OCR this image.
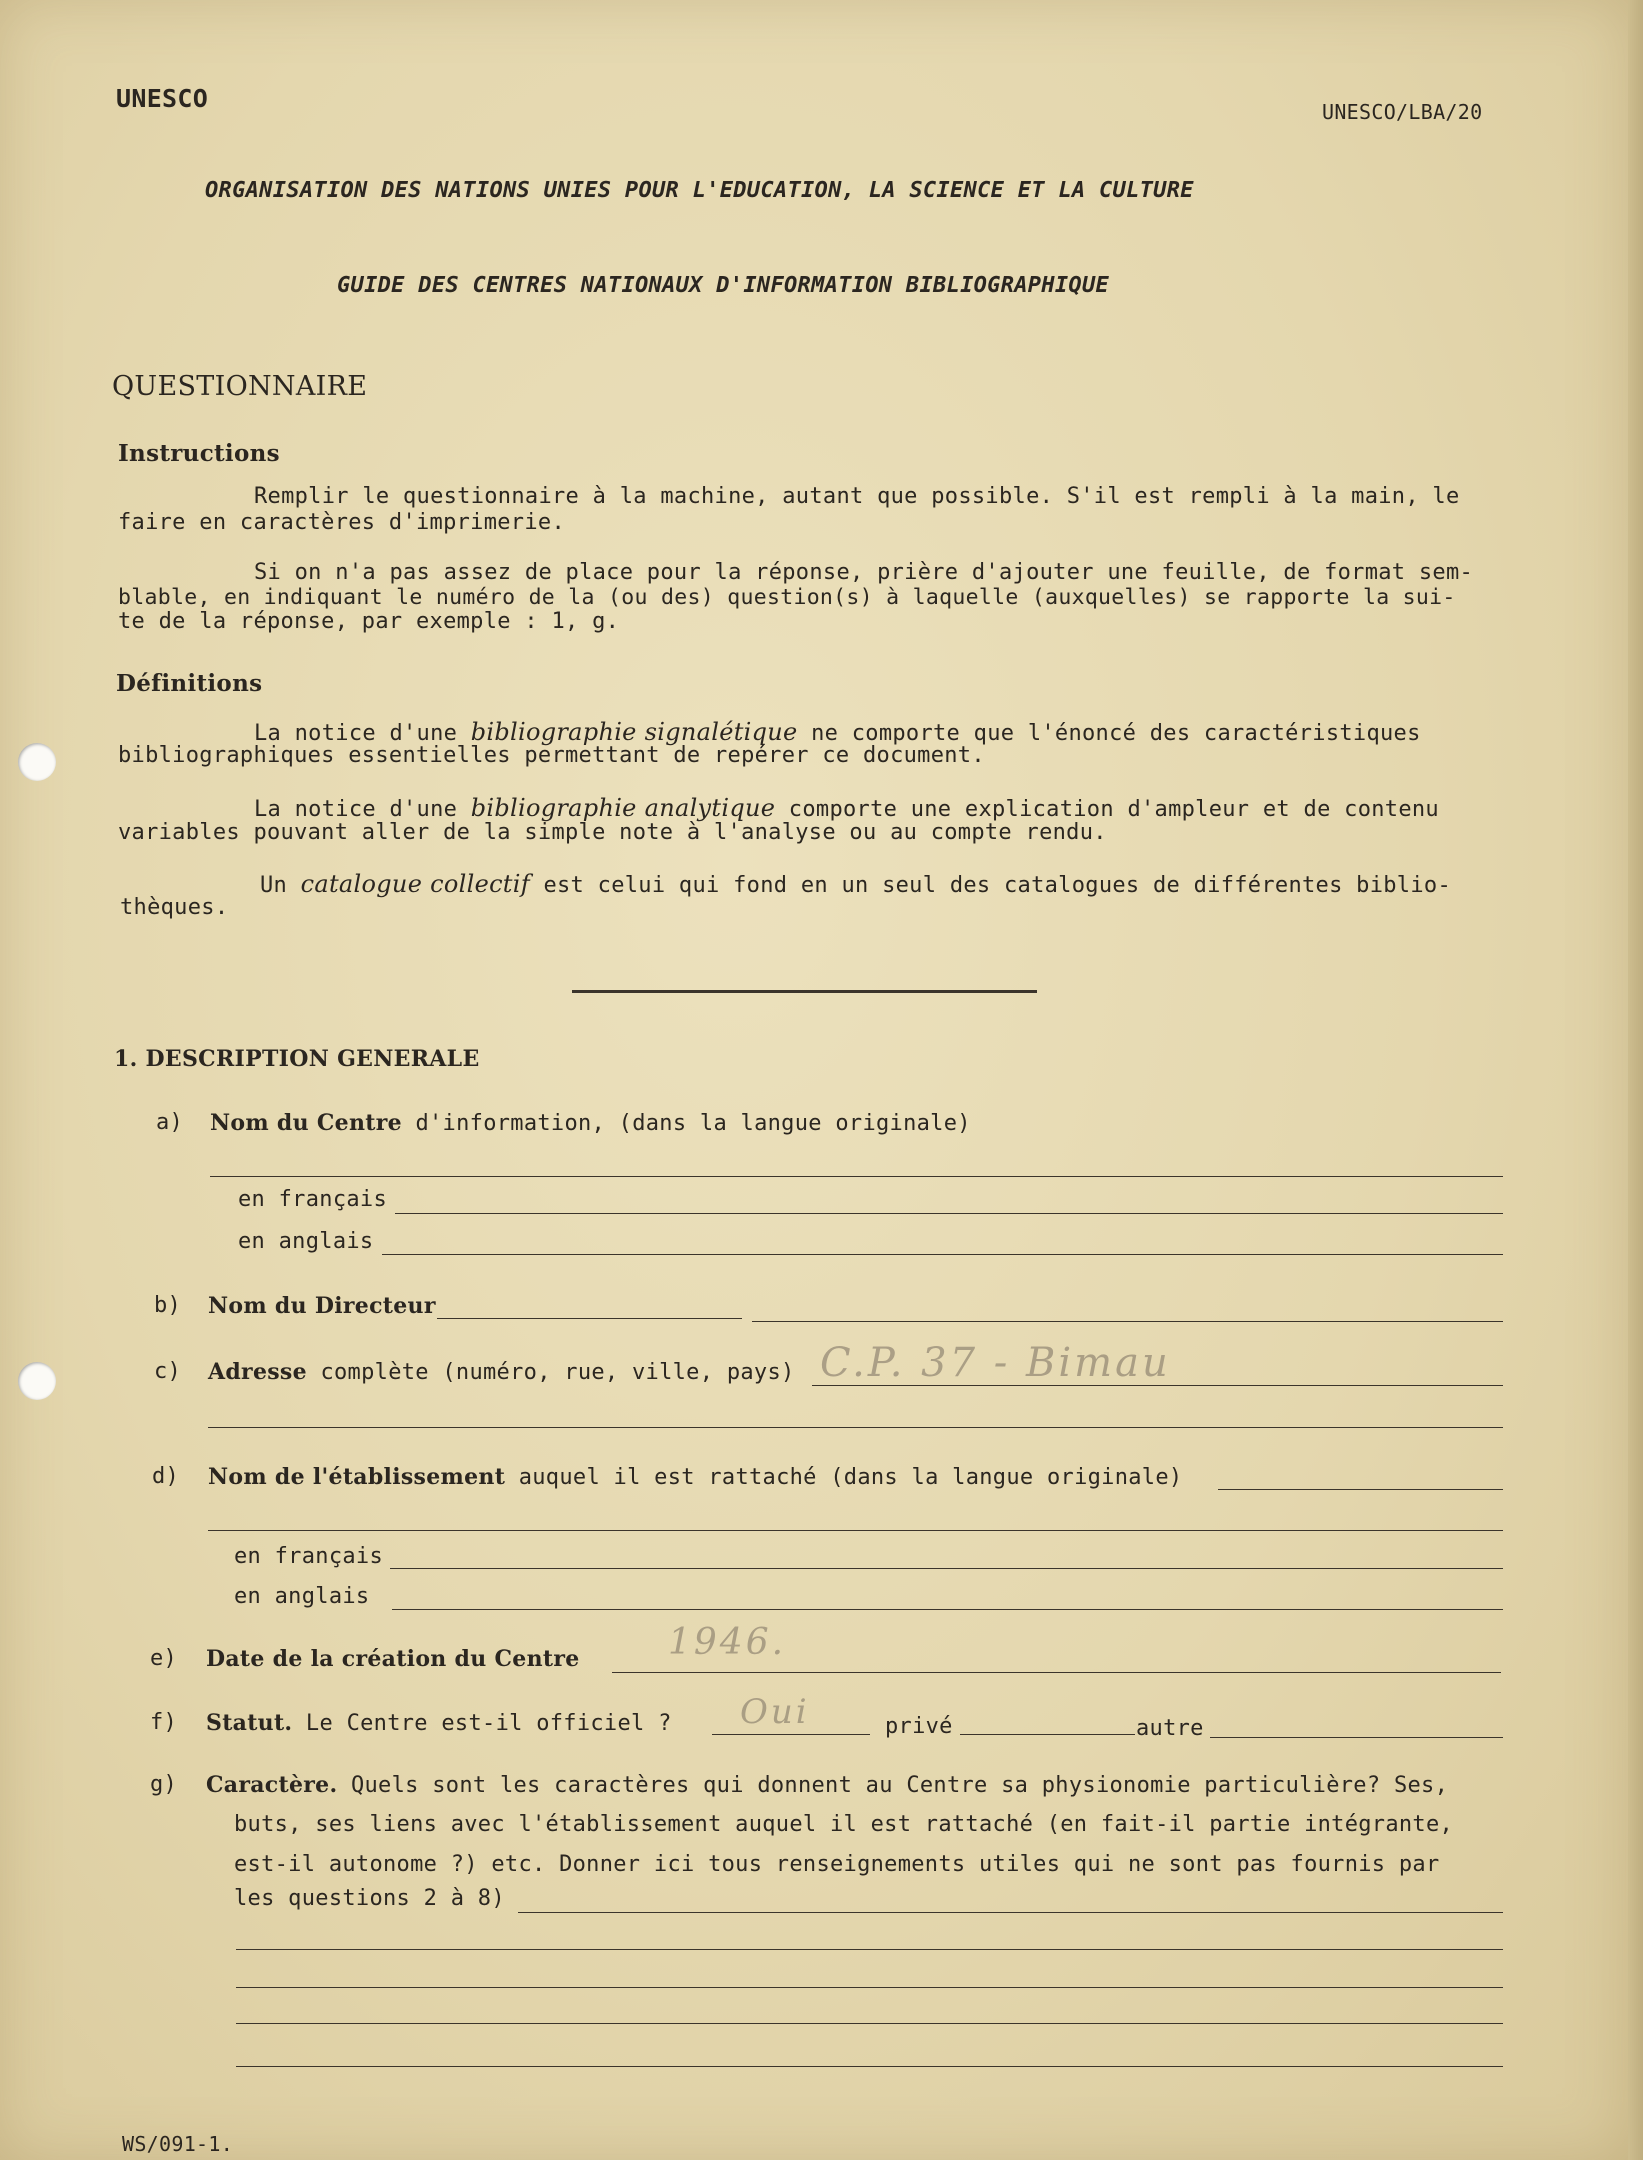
UNESCO	UNESCO/LBA/20
ORGANISATION DES NATIONS UNIES POUR L'EDUCATION, LA SCIENCE ET LA CULTURE
GUIDE DES CENTRES NATIONAUX D'INFORMATION BIBLIOGRAPHIQUE
QUESTIONNAIRE
Instructions
Remplir le questionnaire à la machine, autant que possible. S'il est rempli à la main, le
faire en caractères d'imprimerie.
Si on n'a pas assez de place pour la réponse, prière d'ajouter une feuille, de format sem-
blable, en indiquant le numéro de la (ou des) question(s) à laquelle (auxquelles) se rapporte la sui-
te de la réponse, par exemple : 1, g.
Définitions
La notice d'une bibliographie signalétique ne comporte que l'énoncé des caractéristiques
bibliographiques essentielles permettant de repérer ce document.
La notice d'une bibliographie analytique comporte une explication d'ampleur et de contenu
variables pouvant aller de la simple note à l'analyse ou au compte rendu.
Un catalogue collectif est celui qui fond en un seul des catalogues de différentes biblio-
thèques.
1. DESCRIPTION GENERALE
a) Nom du Centre d'information, (dans la langue originale)
en français
en anglais
b) Nom du Directeur
c) Adresse complète (numéro, rue, ville, pays) C.P. 37 - Bimau
d) Nom de l'établissement auquel il est rattaché (dans la langue originale)
en français
en anglais
e) Date de la création du Centre 1946.
f) Statut. Le Centre est-il officiel ? Oui	privé	autre
g) Caractère. Quels sont les caractères qui donnent au Centre sa physionomie particulière? Ses,
buts, ses liens avec l'établissement auquel il est rattaché (en fait-il partie intégrante,
est-il autonome ?) etc. Donner ici tous renseignements utiles qui ne sont pas fournis par
les questions 2 à 8)
WS/091-1.
